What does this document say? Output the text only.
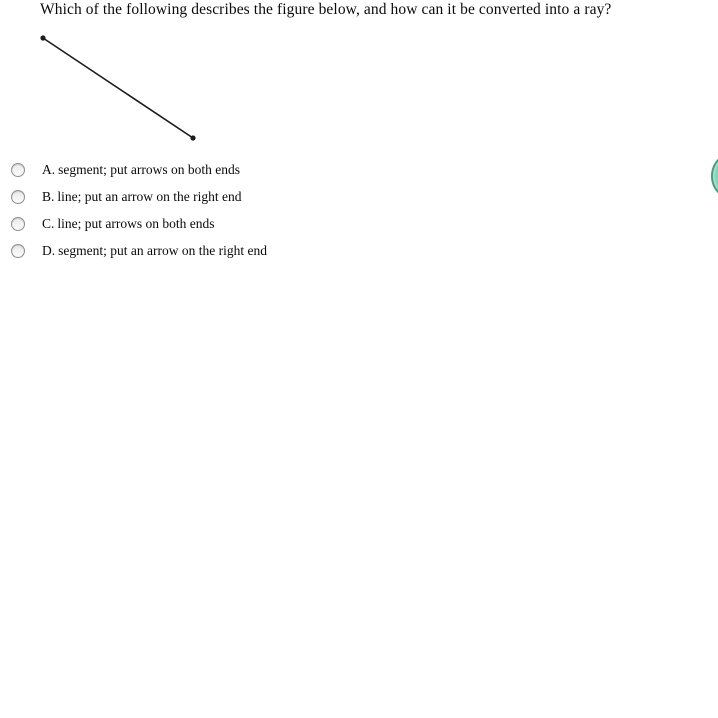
Which of the following describes the figure below, and how can it be converted into a ray?
A. segment; put arrows on both ends
B. line; put an arrow on the right end
C. line; put arrows on both ends
D. segment; put an arrow on the right end
